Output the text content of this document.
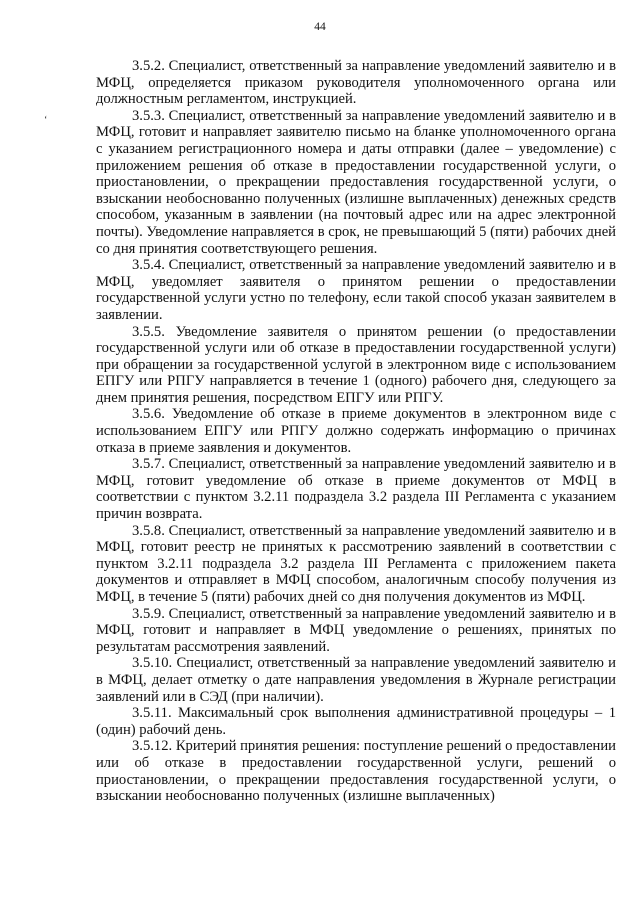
44
‘

3.5.2. Специалист, ответственный за направление уведомлений заявителю и в МФЦ, определяется приказом руководителя уполномоченного органа или должностным регламентом, инструкцией.

3.5.3. Специалист, ответственный за направление уведомлений заявителю и в МФЦ, готовит и направляет заявителю письмо на бланке уполномоченного органа с указанием регистрационного номера и даты отправки (далее – уведомление) с приложением решения об отказе в предоставлении государственной услуги, о приостановлении, о прекращении предоставления государственной услуги, о взыскании необоснованно полученных (излишне выплаченных) денежных средств способом, указанным в заявлении (на почтовый адрес или на адрес электронной почты). Уведомление направляется в срок, не превышающий 5 (пяти) рабочих дней со дня принятия соответствующего решения.

3.5.4. Специалист, ответственный за направление уведомлений заявителю и в МФЦ, уведомляет заявителя о принятом решении о предоставлении государственной услуги устно по телефону, если такой способ указан заявителем в заявлении.

3.5.5. Уведомление заявителя о принятом решении (о предоставлении государственной услуги или об отказе в предоставлении государственной услуги) при обращении за государственной услугой в электронном виде с использованием ЕПГУ или РПГУ направляется в течение 1 (одного) рабочего дня, следующего за днем принятия решения, посредством ЕПГУ или РПГУ.

3.5.6. Уведомление об отказе в приеме документов в электронном виде с использованием ЕПГУ или РПГУ должно содержать информацию о причинах отказа в приеме заявления и документов.

3.5.7. Специалист, ответственный за направление уведомлений заявителю и в МФЦ, готовит уведомление об отказе в приеме документов от МФЦ в соответствии с пунктом 3.2.11 подраздела 3.2 раздела III Регламента с указанием причин возврата.

3.5.8. Специалист, ответственный за направление уведомлений заявителю и в МФЦ, готовит реестр не принятых к рассмотрению заявлений в соответствии с пунктом 3.2.11 подраздела 3.2 раздела III Регламента с приложением пакета документов и отправляет в МФЦ способом, аналогичным способу получения из МФЦ, в течение 5 (пяти) рабочих дней со дня получения документов из МФЦ.

3.5.9. Специалист, ответственный за направление уведомлений заявителю и в МФЦ, готовит и направляет в МФЦ уведомление о решениях, принятых по результатам рассмотрения заявлений.

3.5.10. Специалист, ответственный за направление уведомлений заявителю и в МФЦ, делает отметку о дате направления уведомления в Журнале регистрации заявлений или в СЭД (при наличии).

3.5.11. Максимальный срок выполнения административной процедуры – 1 (один) рабочий день.

3.5.12. Критерий принятия решения: поступление решений о предоставлении или об отказе в предоставлении государственной услуги, решений о приостановлении, о прекращении предоставления государственной услуги, о взыскании необоснованно полученных (излишне выплаченных)
